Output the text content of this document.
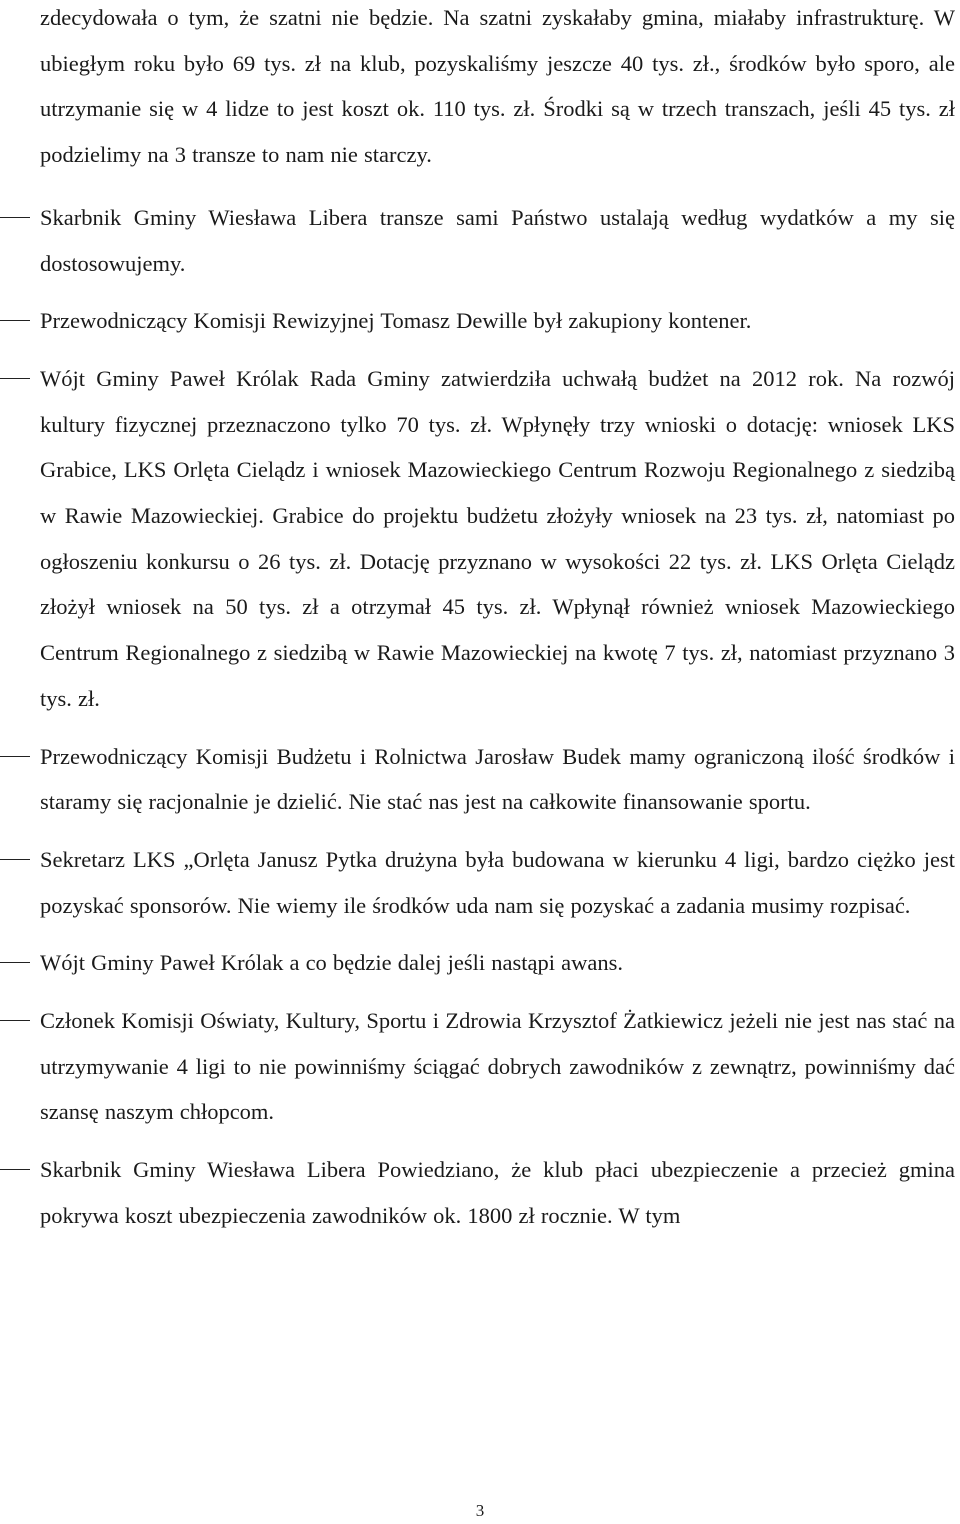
zdecydowała o tym, że szatni nie będzie. Na szatni zyskałaby gmina, miałaby infrastrukturę. W ubiegłym roku było 69 tys. zł na klub, pozyskaliśmy jeszcze 40 tys. zł., środków było sporo, ale utrzymanie się w 4 lidze to jest koszt ok. 110 tys. zł. Środki są w trzech transzach, jeśli 45 tys. zł podzielimy na 3 transze to nam nie starczy.

Skarbnik Gminy Wiesława Libera transze sami Państwo ustalają według wydatków a my się dostosowujemy.

Przewodniczący Komisji Rewizyjnej Tomasz Dewille był zakupiony kontener.

Wójt Gminy Paweł Królak Rada Gminy zatwierdziła uchwałą budżet na 2012 rok. Na rozwój kultury fizycznej przeznaczono tylko 70 tys. zł. Wpłynęły trzy wnioski o dotację: wniosek LKS Grabice, LKS Orlęta Cielądz i wniosek Mazowieckiego Centrum Rozwoju Regionalnego z siedzibą w Rawie Mazowieckiej. Grabice do projektu budżetu złożyły wniosek na 23 tys. zł, natomiast po ogłoszeniu konkursu o 26 tys. zł. Dotację przyznano w wysokości 22 tys. zł. LKS Orlęta Cielądz złożył wniosek na 50 tys. zł a otrzymał 45 tys. zł. Wpłynął również wniosek Mazowieckiego Centrum Regionalnego z siedzibą w Rawie Mazowieckiej na kwotę 7 tys. zł, natomiast przyznano 3 tys. zł.

Przewodniczący Komisji Budżetu i Rolnictwa Jarosław Budek mamy ograniczoną ilość środków i staramy się racjonalnie je dzielić. Nie stać nas jest na całkowite finansowanie sportu.

Sekretarz LKS „Orlęta Janusz Pytka drużyna była budowana w kierunku 4 ligi, bardzo ciężko jest pozyskać sponsorów. Nie wiemy ile środków uda nam się pozyskać a zadania musimy rozpisać.

Wójt Gminy Paweł Królak a co będzie dalej jeśli nastąpi awans.

Członek Komisji Oświaty, Kultury, Sportu i Zdrowia Krzysztof Żatkiewicz jeżeli nie jest nas stać na utrzymywanie 4 ligi to nie powinniśmy ściągać dobrych zawodników z zewnątrz, powinniśmy dać szansę naszym chłopcom.

Skarbnik Gminy Wiesława Libera Powiedziano, że klub płaci ubezpieczenie a przecież gmina pokrywa koszt ubezpieczenia zawodników ok. 1800 zł rocznie. W tym

3
